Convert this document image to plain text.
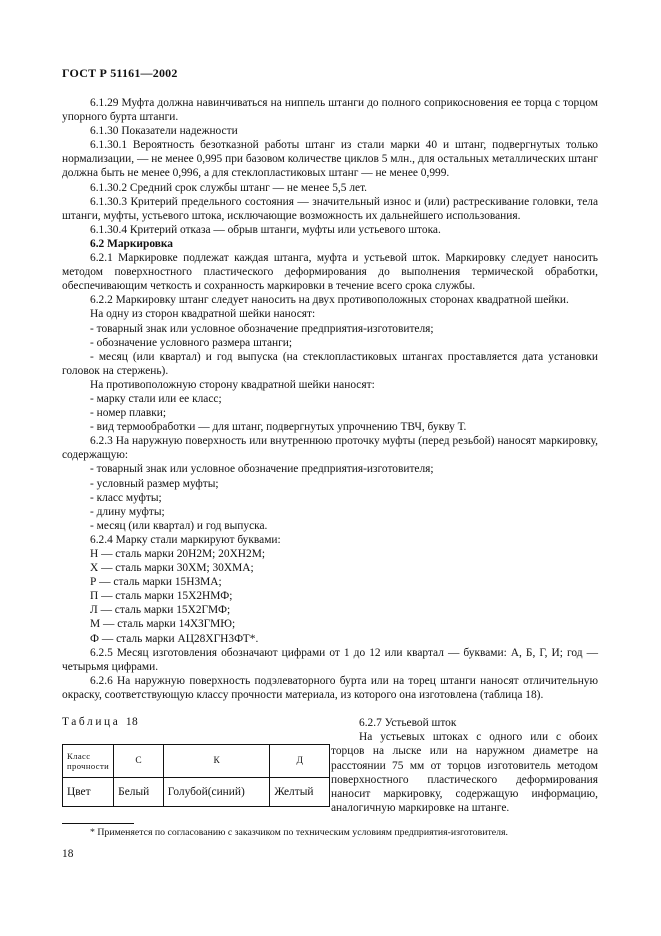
ГОСТ Р 51161—2002

6.1.29 Муфта должна навинчиваться на ниппель штанги до полного соприкосновения ее торца с торцом упорного бурта штанги.

6.1.30 Показатели надежности

6.1.30.1 Вероятность безотказной работы штанг из стали марки 40 и штанг, подвергнутых только нормализации, — не менее 0,995 при базовом количестве циклов 5 млн., для остальных металлических штанг должна быть не менее 0,996, а для стеклопластиковых штанг — не менее 0,999.

6.1.30.2 Средний срок службы штанг — не менее 5,5 лет.

6.1.30.3 Критерий предельного состояния — значительный износ и (или) растрескивание головки, тела штанги, муфты, устьевого штока, исключающие возможность их дальнейшего использования.

6.1.30.4 Критерий отказа — обрыв штанги, муфты или устьевого штока.

6.2 Маркировка

6.2.1 Маркировке подлежат каждая штанга, муфта и устьевой шток. Маркировку следует наносить методом поверхностного пластического деформирования до выполнения термической обработки, обеспечивающим четкость и сохранность маркировки в течение всего срока службы.

6.2.2 Маркировку штанг следует наносить на двух противоположных сторонах квадратной шейки.

На одну из сторон квадратной шейки наносят:

- товарный знак или условное обозначение предприятия-изготовителя;

- обозначение условного размера штанги;

- месяц (или квартал) и год выпуска (на стеклопластиковых штангах проставляется дата установки головок на стержень).

На противоположную сторону квадратной шейки наносят:

- марку стали или ее класс;

- номер плавки;

- вид термообработки — для штанг, подвергнутых упрочнению ТВЧ, букву Т.

6.2.3 На наружную поверхность или внутреннюю проточку муфты (перед резьбой) наносят маркировку, содержащую:

- товарный знак или условное обозначение предприятия-изготовителя;

- условный размер муфты;

- класс муфты;

- длину муфты;

- месяц (или квартал) и год выпуска.

6.2.4 Марку стали маркируют буквами:

Н — сталь марки 20Н2М; 20ХН2М;

Х — сталь марки 30ХМ; 30ХМА;

Р — сталь марки 15НЗМА;

П — сталь марки 15Х2НМФ;

Л — сталь марки 15Х2ГМФ;

М — сталь марки 14ХЗГМЮ;

Ф — сталь марки АЦ28ХГН3ФТ*.

6.2.5 Месяц изготовления обозначают цифрами от 1 до 12 или квартал — буквами: А, Б, Г, И; год — четырьмя цифрами.

6.2.6 На наружную поверхность подэлеваторного бурта или на торец штанги наносят отличительную окраску, соответствующую классу прочности материала, из которого она изготовлена (таблица 18).

Таблица 18
Класс прочности	С	К	Д
Цвет	Белый	Голубой(синий)	Желтый

6.2.7 Устьевой шток

На устьевых штоках с одного или с обоих торцов на лыске или на наружном диаметре на расстоянии 75 мм от торцов изготовитель методом поверхностного пластического деформирования наносит маркировку, содержащую информацию, аналогичную маркировке на штанге.

* Применяется по согласованию с заказчиком по техническим условиям предприятия-изготовителя.
18
